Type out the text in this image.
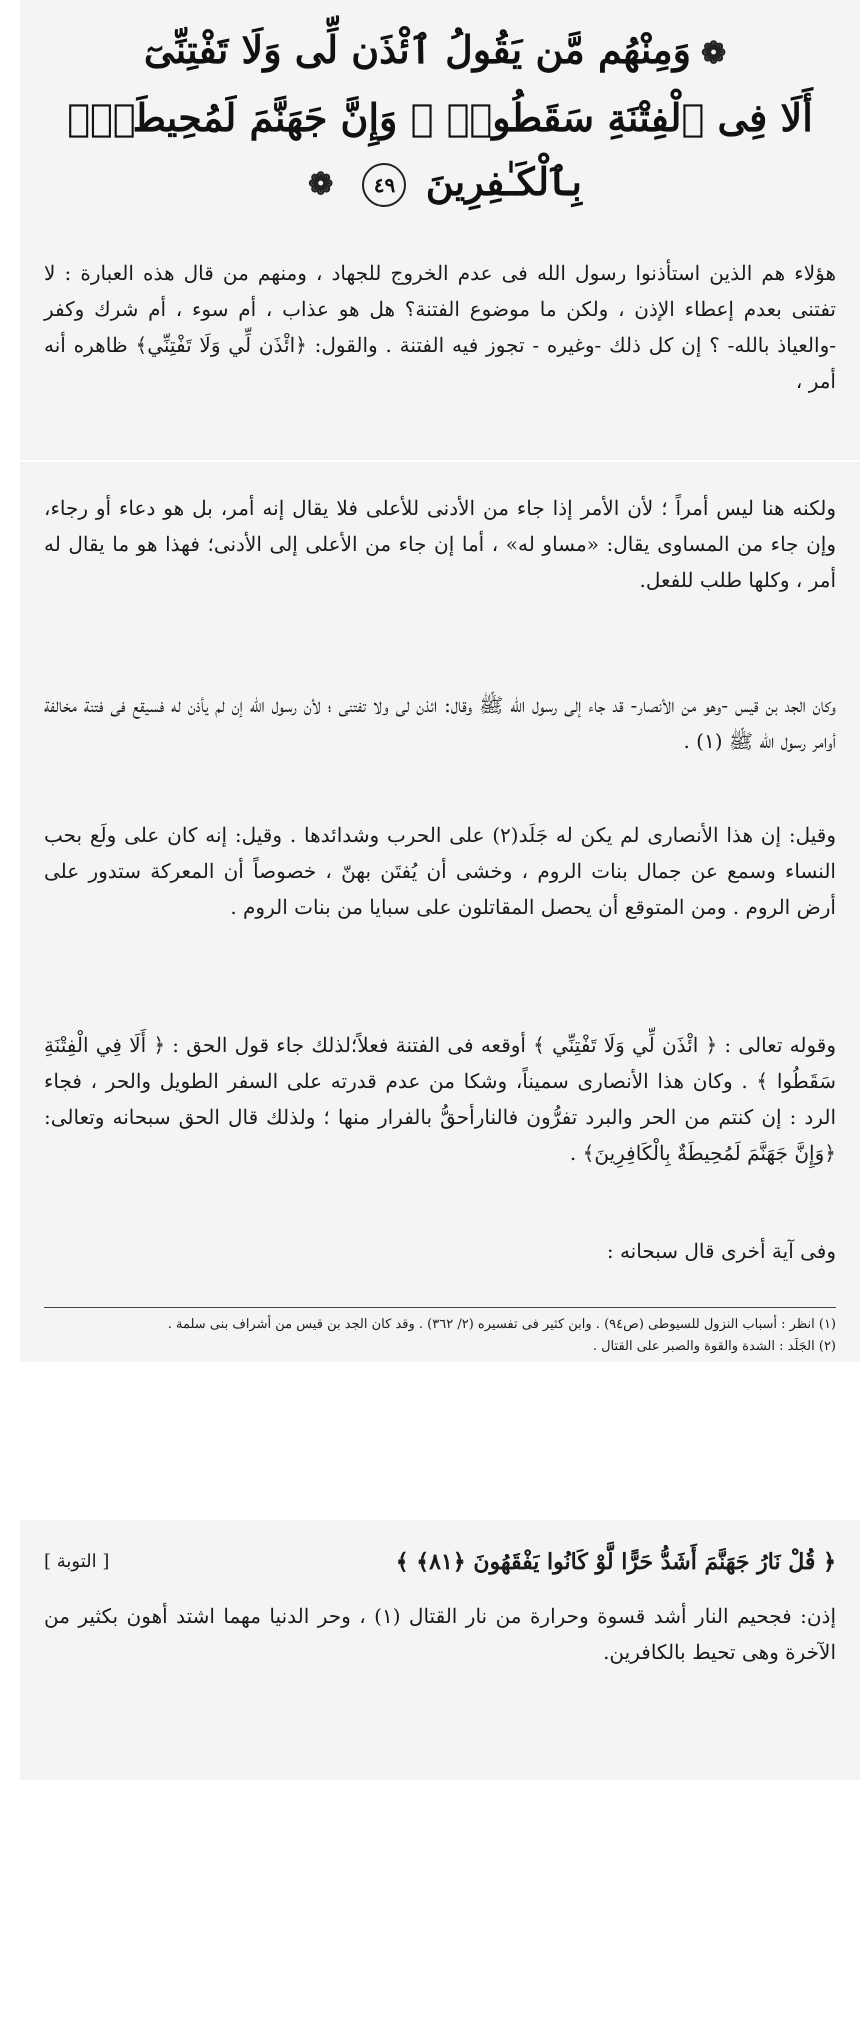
❁وَمِنْهُم مَّن يَقُولُ ٱئْذَن لِّى وَلَا تَفْتِنِّىٓ
أَلَا فِى ٱلْفِتْنَةِ سَقَطُوا۟ ۗ وَإِنَّ جَهَنَّمَ لَمُحِيطَةٌۢ
بِٱلْكَـٰفِرِينَ ٤٩ ❁
هؤلاء هم الذين استأذنوا رسول الله فى عدم الخروج للجهاد ، ومنهم من قال هذه العبارة : لا تفتنى بعدم إعطاء الإذن ، ولكن ما موضوع الفتنة؟ هل هو عذاب ، أم سوء ، أم شرك وكفر -والعياذ بالله- ؟ إن كل ذلك -وغيره - تجوز فيه الفتنة . والقول: ﴿ائْذَن لِّي وَلَا تَفْتِنِّي﴾ ظاهره أنه أمر ،
ولكنه هنا ليس أمراً ؛ لأن الأمر إذا جاء من الأدنى للأعلى فلا يقال إنه أمر، بل هو دعاء أو رجاء، وإن جاء من المساوى يقال: «مساو له» ، أما إن جاء من الأعلى إلى الأدنى؛ فهذا هو ما يقال له أمر ، وكلها طلب للفعل.
وكان الجد بن قيس -وهو من الأنصار- قد جاء إلى رسول الله ﷺ وقال: ائذن لى ولا تفتنى ؛ لأن رسول الله إن لم يأذن له فسيقع فى فتنة مخالفة أوامر رسول الله ﷺ (١) .
وقيل: إن هذا الأنصارى لم يكن له جَلَد(٢) على الحرب وشدائدها . وقيل: إنه كان على ولَع بحب النساء وسمع عن جمال بنات الروم ، وخشى أن يُفتَن بهنّ ، خصوصاً أن المعركة ستدور على أرض الروم . ومن المتوقع أن يحصل المقاتلون على سبايا من بنات الروم .
وقوله تعالى : ﴿ ائْذَن لِّي وَلَا تَفْتِنِّي ﴾ أوقعه فى الفتنة فعلاً؛لذلك جاء قول الحق : ﴿ أَلَا فِي الْفِتْنَةِ سَقَطُوا ﴾ . وكان هذا الأنصارى سميناً، وشكا من عدم قدرته على السفر الطويل والحر ، فجاء الرد : إن كنتم من الحر والبرد تفرُّون فالنارأحقُّ بالفرار منها ؛ ولذلك قال الحق سبحانه وتعالى: ﴿وَإِنَّ جَهَنَّمَ لَمُحِيطَةٌ بِالْكَافِرِينَ﴾ .
وفى آية أخرى قال سبحانه :
(١) انظر : أسباب النزول للسيوطى (ص٩٤) . وابن كثير فى تفسيره (٢/ ٣٦٢) . وقد كان الجد بن قيس من أشراف بنى سلمة .
(٢) الجَلَد : الشدة والقوة والصبر على القتال .
﴿ قُلْ نَارُ جَهَنَّمَ أَشَدُّ حَرًّا لَّوْ كَانُوا يَفْقَهُونَ ﴿٨١﴾ ﴾
[ التوبة ]
إذن: فجحيم النار أشد قسوة وحرارة من نار القتال (١) ، وحر الدنيا مهما اشتد أهون بكثير من الآخرة وهى تحيط بالكافرين.
